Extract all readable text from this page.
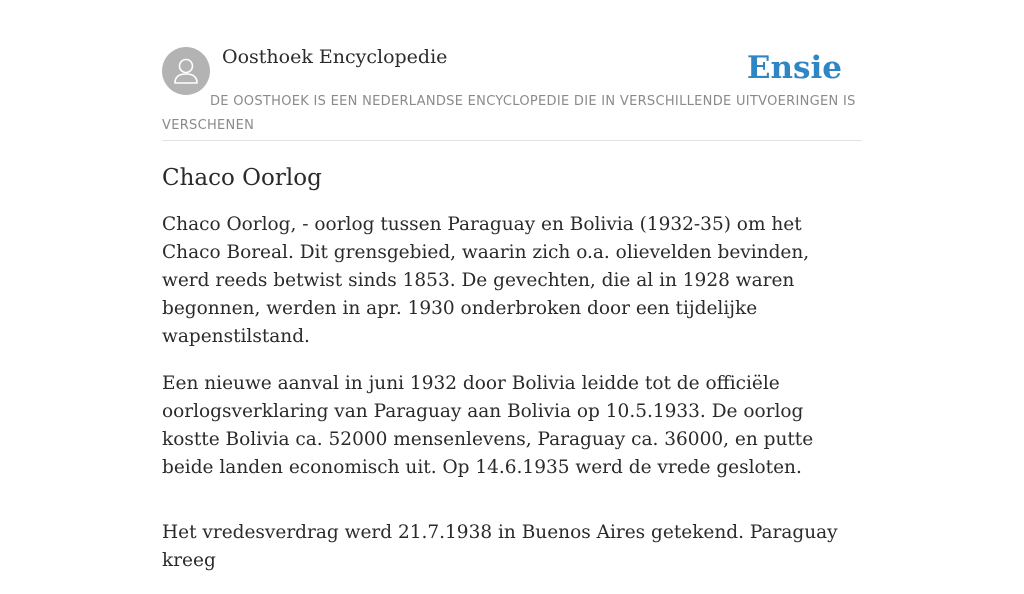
Oosthoek Encyclopedie	Ensie
DE OOSTHOEK IS EEN NEDERLANDSE ENCYCLOPEDIE DIE IN VERSCHILLENDE UITVOERINGEN IS VERSCHENEN
Chaco Oorlog

Chaco Oorlog, - oorlog tussen Paraguay en Bolivia (1932-35) om het Chaco Boreal. Dit grensgebied, waarin zich o.a. olievelden bevinden, werd reeds betwist sinds 1853. De gevechten, die al in 1928 waren begonnen, werden in apr. 1930 onderbroken door een tijdelijke wapenstilstand.

Een nieuwe aanval in juni 1932 door Bolivia leidde tot de officiële oorlogsverklaring van Paraguay aan Bolivia op 10.5.1933. De oorlog kostte Bolivia ca. 52000 mensenlevens, Paraguay ca. 36000, en putte beide landen economisch uit. Op 14.6.1935 werd de vrede gesloten.

Het vredesverdrag werd 21.7.1938 in Buenos Aires getekend. Paraguay kreeg
